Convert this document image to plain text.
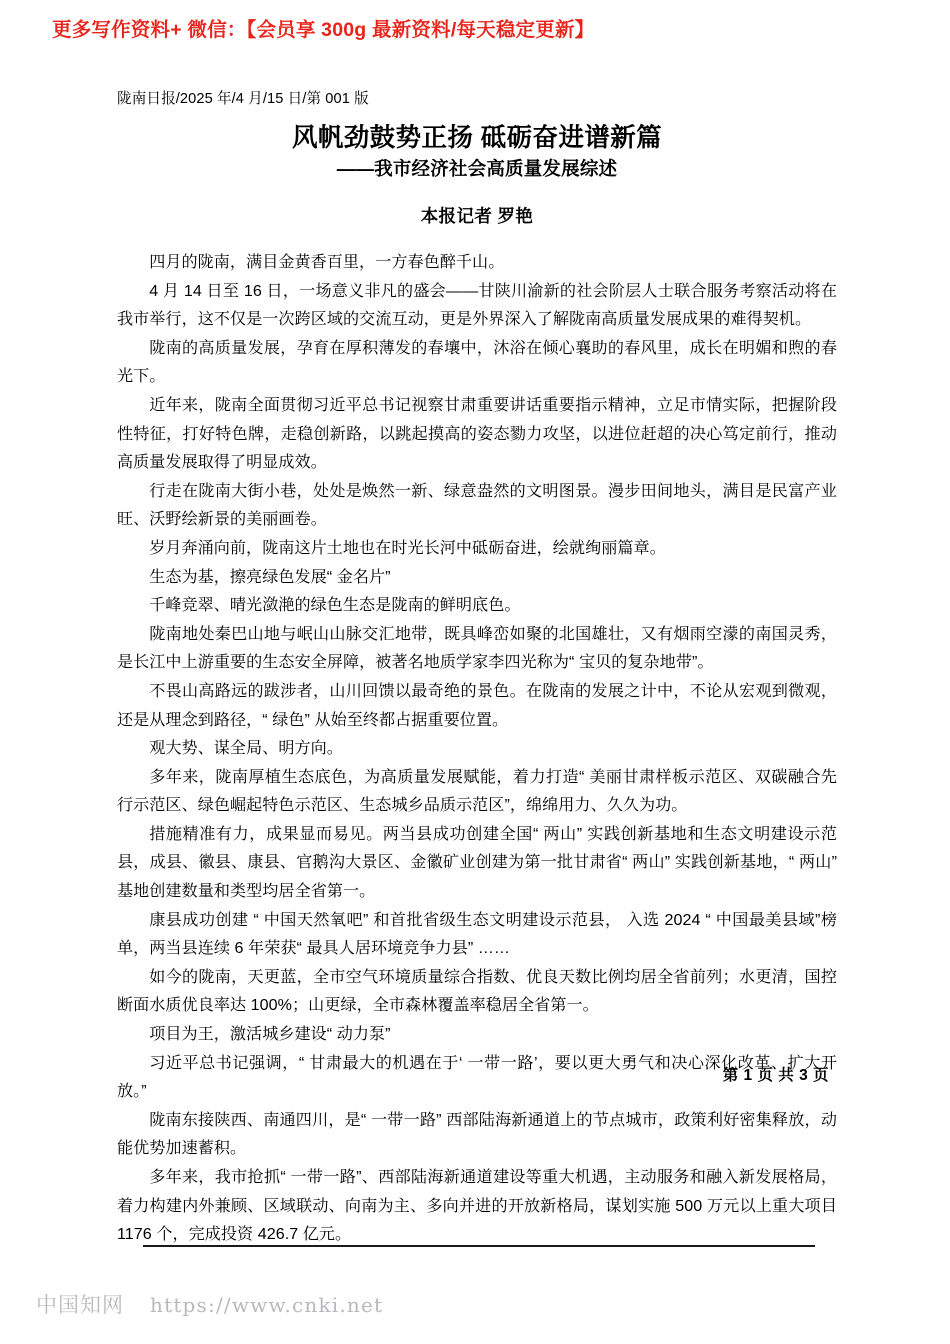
更多写作资料+ 微信：【会员享 300g 最新资料/每天稳定更新】
陇南日报/2025 年/4 月/15 日/第 001 版
风帆劲鼓势正扬 砥砺奋进谱新篇
——我市经济社会高质量发展综述
本报记者 罗艳

四月的陇南，满目金黄香百里，一方春色醉千山。

4 月 14 日至 16 日，一场意义非凡的盛会——甘陕川渝新的社会阶层人士联合服务考察活动将在我市举行，这不仅是一次跨区域的交流互动，更是外界深入了解陇南高质量发展成果的难得契机。

陇南的高质量发展，孕育在厚积薄发的春壤中，沐浴在倾心襄助的春风里，成长在明媚和煦的春光下。

近年来，陇南全面贯彻习近平总书记视察甘肃重要讲话重要指示精神，立足市情实际，把握阶段性特征，打好特色牌，走稳创新路，以跳起摸高的姿态勠力攻坚，以进位赶超的决心笃定前行，推动高质量发展取得了明显成效。

行走在陇南大街小巷，处处是焕然一新、绿意盎然的文明图景。漫步田间地头，满目是民富产业旺、沃野绘新景的美丽画卷。

岁月奔涌向前，陇南这片土地也在时光长河中砥砺奋进，绘就绚丽篇章。

生态为基，擦亮绿色发展“ 金名片”

千峰竞翠、晴光潋滟的绿色生态是陇南的鲜明底色。

陇南地处秦巴山地与岷山山脉交汇地带，既具峰峦如聚的北国雄壮，又有烟雨空濛的南国灵秀，是长江中上游重要的生态安全屏障，被著名地质学家李四光称为“ 宝贝的复杂地带”。

不畏山高路远的跋涉者，山川回馈以最奇绝的景色。在陇南的发展之计中，不论从宏观到微观，还是从理念到路径，“ 绿色” 从始至终都占据重要位置。

观大势、谋全局、明方向。

多年来，陇南厚植生态底色，为高质量发展赋能，着力打造“ 美丽甘肃样板示范区、双碳融合先行示范区、绿色崛起特色示范区、生态城乡品质示范区”，绵绵用力、久久为功。

措施精准有力，成果显而易见。两当县成功创建全国“ 两山” 实践创新基地和生态文明建设示范县，成县、徽县、康县、官鹅沟大景区、金徽矿业创建为第一批甘肃省“ 两山” 实践创新基地，“ 两山” 基地创建数量和类型均居全省第一。

康县成功创建 “ 中国天然氧吧” 和首批省级生态文明建设示范县， 入选 2024 “ 中国最美县域”榜单，两当县连续 6 年荣获“ 最具人居环境竞争力县” ……

如今的陇南，天更蓝，全市空气环境质量综合指数、优良天数比例均居全省前列；水更清，国控断面水质优良率达 100%；山更绿，全市森林覆盖率稳居全省第一。

项目为王，激活城乡建设“ 动力泵”

习近平总书记强调，“ 甘肃最大的机遇在于‘ 一带一路’，要以更大勇气和决心深化改革、扩大开放。”

陇南东接陕西、南通四川，是“ 一带一路” 西部陆海新通道上的节点城市，政策利好密集释放，动能优势加速蓄积。

多年来，我市抢抓“ 一带一路”、西部陆海新通道建设等重大机遇，主动服务和融入新发展格局，着力构建内外兼顾、区域联动、向南为主、多向并进的开放新格局，谋划实施 500 万元以上重大项目 1176 个，完成投资 426.7 亿元。

第 1 页 共 3 页
中国知网 https://www.cnki.net
